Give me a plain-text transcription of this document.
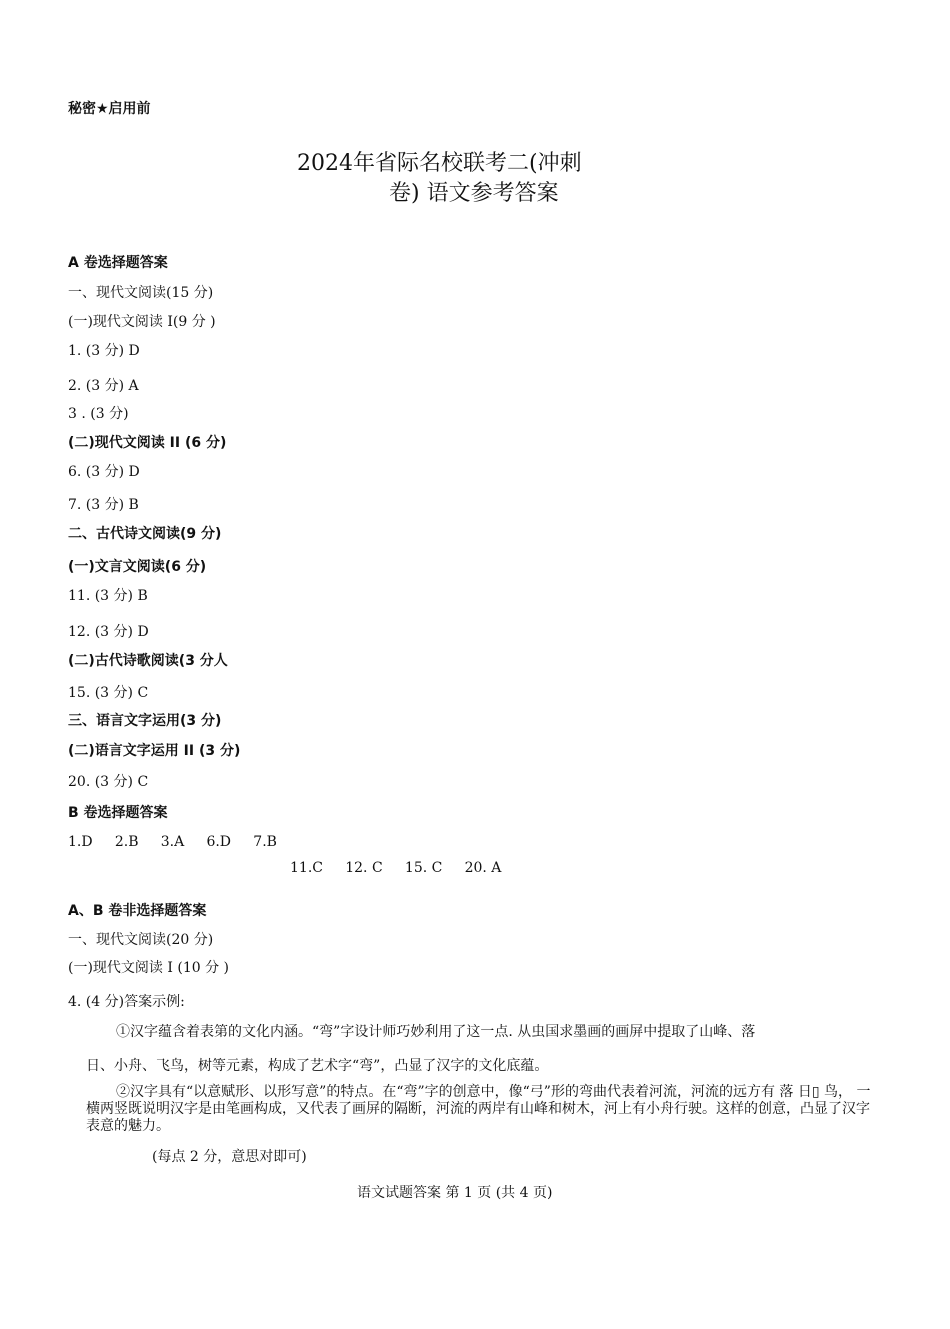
秘密★启用前
2024年省际名校联考二(冲刺
卷) 语文参考答案
A 卷选择题答案
一、现代文阅读(15 分)
(一)现代文阅读 I(9 分 )
1. (3 分) D
2. (3 分) A
3 . (3 分)
(二)现代文阅读 II (6 分)
6. (3 分) D
7. (3 分) B
二、古代诗文阅读(9 分)
(一)文言文阅读(6 分)
11. (3 分) B
12. (3 分) D
(二)古代诗歌阅读(3 分人
15. (3 分) C
三、语言文字运用(3 分)
(二)语言文字运用 II (3 分)
20. (3 分) C
B 卷选择题答案
1.D     2.B     3.A     6.D     7.B
11.C     12. C     15. C     20. A
A、B 卷非选择题答案
一、现代文阅读(20 分)
(一)现代文阅读 I (10 分 )
4. (4 分)答案示例:
①汉字蕴含着表第的文化内涵。“弯”字设计师巧妙利用了这一点. 从虫国求墨画的画屏中提取了山峰、落
日、小舟、飞鸟，树等元素，构成了艺术字“弯”，凸显了汉字的文化底蕴。
②汉字具有“以意赋形、以形写意”的特点。在“弯”字的创意中，像“弓”形的弯曲代表着河流，河流的远方有 落 日▯ 鸟， 一横两竖既说明汉字是由笔画构成，又代表了画屏的隔断，河流的两岸有山峰和树木，河上有小舟行驶。这样的创意，凸显了汉字表意的魅力。
(每点 2 分，意思对即可)
语文试题答案 第 1 页 (共 4 页)
